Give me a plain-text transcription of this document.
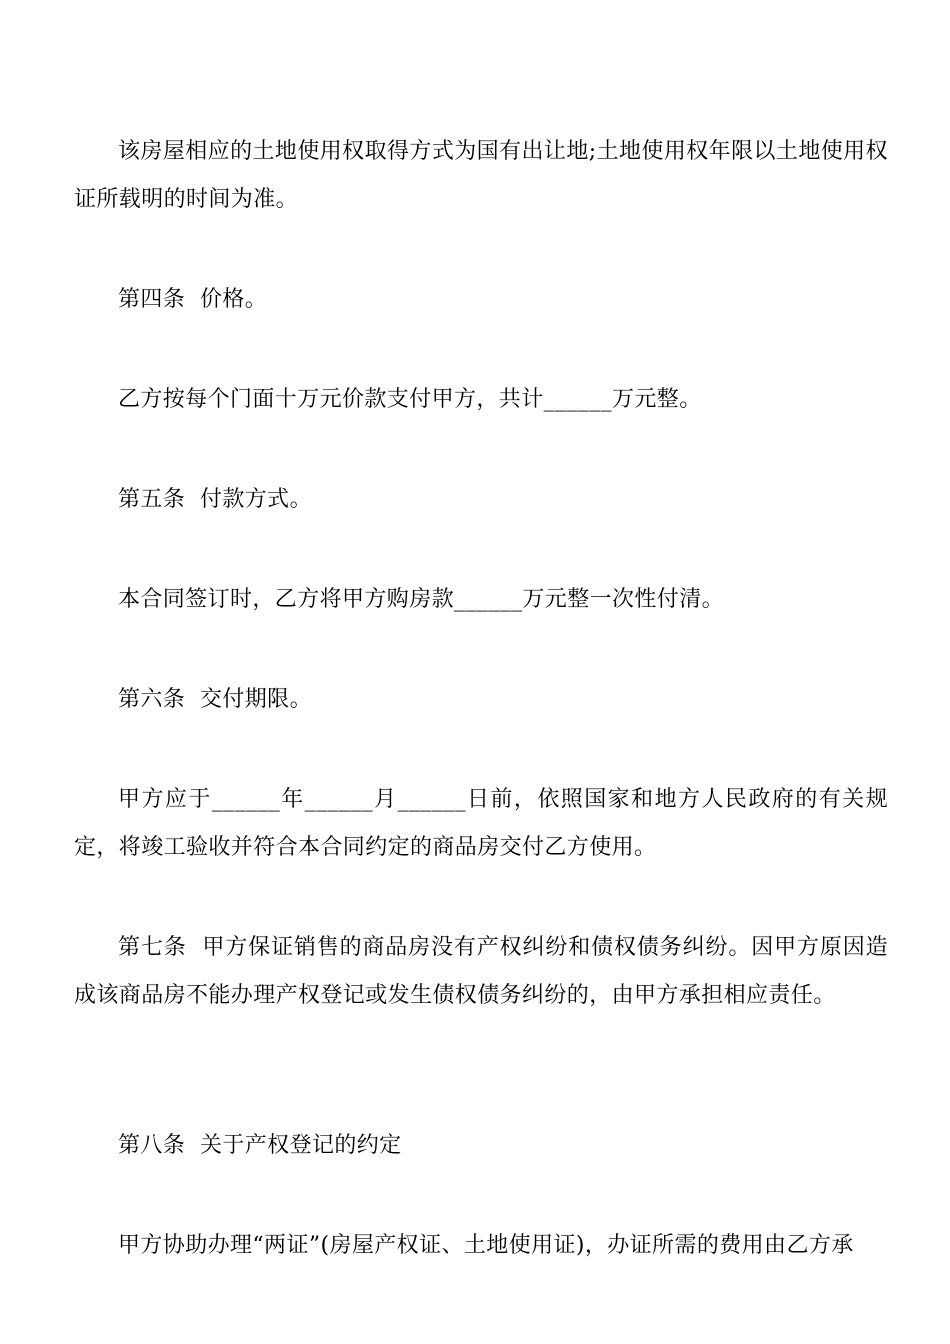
该房屋相应的土地使用权取得方式为国有出让地;土地使用权年限以土地使用权证所载明的时间为准。

第四条  价格。

乙方按每个门面十万元价款支付甲方，共计______万元整。

第五条  付款方式。

本合同签订时，乙方将甲方购房款______万元整一次性付清。

第六条  交付期限。

甲方应于______年______月______日前，依照国家和地方人民政府的有关规定，将竣工验收并符合本合同约定的商品房交付乙方使用。

第七条  甲方保证销售的商品房没有产权纠纷和债权债务纠纷。因甲方原因造成该商品房不能办理产权登记或发生债权债务纠纷的，由甲方承担相应责任。

第八条  关于产权登记的约定

甲方协助办理“两证”(房屋产权证、土地使用证)，办证所需的费用由乙方承
